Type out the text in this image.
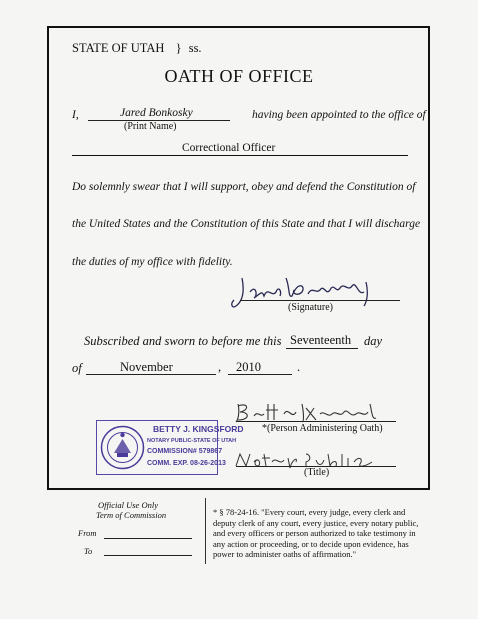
STATE OF UTAH } ss.
OATH OF OFFICE
I,	Jared Bonkosky
(Print Name)
having been appointed to the office of
Correctional Officer
Do solemnly swear that I will support, obey and defend the Constitution of
the United States and the Constitution of this State and that I will discharge
the duties of my office with fidelity.
(Signature)
Subscribed and sworn to before me this Seventeenth day
of	November	, 2010	.
BETTY J. KINGSFORD
NOTARY PUBLIC-STATE OF UTAH
COMMISSION# 579867
COMM. EXP. 08-26-2013
*(Person Administering Oath)
(Title)
Official Use Only
Term of Commission
From
To
* § 78-24-16. "Every court, every judge, every clerk and deputy clerk of any court, every justice, every notary public, and every officers or person authorized to take testimony in any action or proceeding, or to decide upon evidence, has power to administer oaths of affirmation."
